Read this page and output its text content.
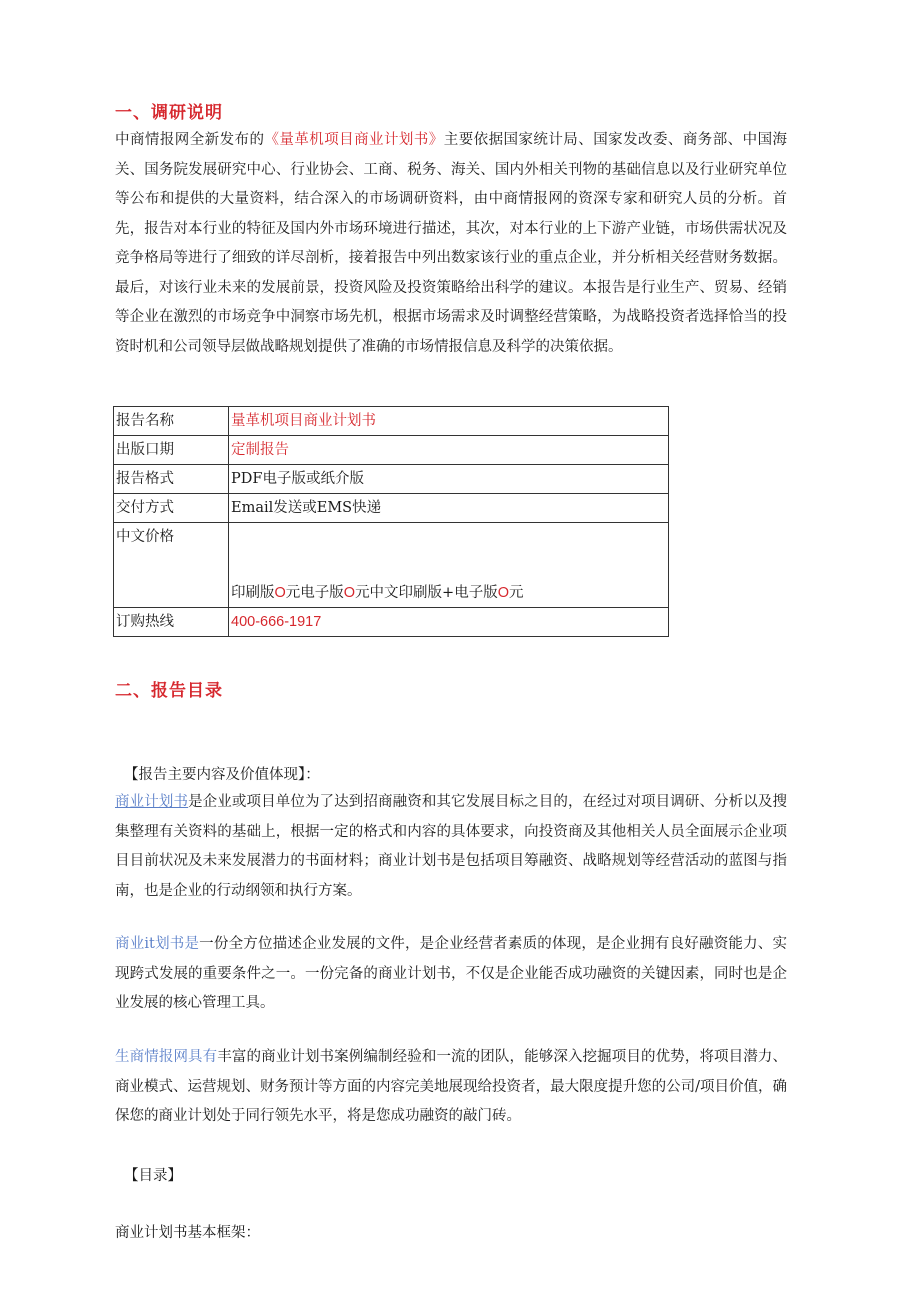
一、调研说明
中商情报网全新发布的《量革机项目商业计划书》主要依据国家统计局、国家发改委、商务部、中国海关、国务院发展研究中心、行业协会、工商、税务、海关、国内外相关刊物的基础信息以及行业研究单位等公布和提供的大量资料，结合深入的市场调研资料，由中商情报网的资深专家和研究人员的分析。首先，报告对本行业的特征及国内外市场环境进行描述，其次，对本行业的上下游产业链，市场供需状况及竞争格局等进行了细致的详尽剖析，接着报告中列出数家该行业的重点企业，并分析相关经营财务数据。最后，对该行业未来的发展前景，投资风险及投资策略给出科学的建议。本报告是行业生产、贸易、经销等企业在激烈的市场竞争中洞察市场先机，根据市场需求及时调整经营策略，为战略投资者选择恰当的投资时机和公司领导层做战略规划提供了准确的市场情报信息及科学的决策依据。
报告名称	量革机项目商业计划书
出版口期	定制报告
报告格式	PDF电子版或纸介版
交付方式	Email发送或EMS快递
中文价格	印刷版O元电子版O元中文印刷版+电子版O元
订购热线	400-666-1917
二、报告目录
【报告主要内容及价值体现】：
商业计划书是企业或项目单位为了达到招商融资和其它发展目标之目的，在经过对项目调研、分析以及搜集整理有关资料的基础上，根据一定的格式和内容的具体要求，向投资商及其他相关人员全面展示企业项目目前状况及未来发展潜力的书面材料；商业计划书是包括项目筹融资、战略规划等经营活动的蓝图与指南，也是企业的行动纲领和执行方案。
商业it划书是一份全方位描述企业发展的文件，是企业经营者素质的体现，是企业拥有良好融资能力、实现跨式发展的重要条件之一。一份完备的商业计划书，不仅是企业能否成功融资的关键因素，同时也是企业发展的核心管理工具。
生商情报网具有丰富的商业计划书案例编制经验和一流的团队，能够深入挖掘项目的优势，将项目潜力、商业模式、运营规划、财务预计等方面的内容完美地展现给投资者，最大限度提升您的公司/项目价值，确保您的商业计划处于同行领先水平，将是您成功融资的敲门砖。
【目录】
商业计划书基本框架：
